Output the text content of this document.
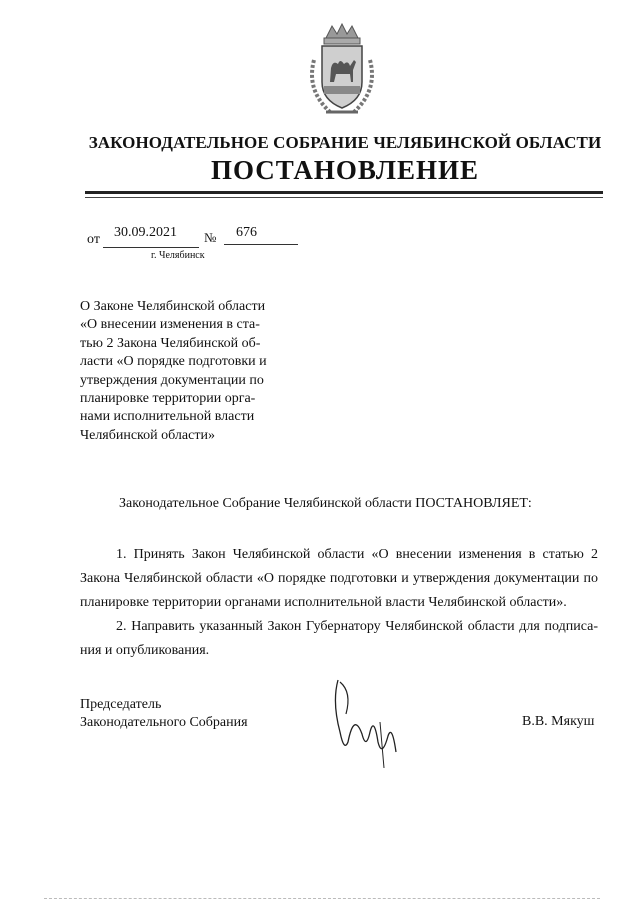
ЗАКОНОДАТЕЛЬНОЕ СОБРАНИЕ ЧЕЛЯБИНСКОЙ ОБЛАСТИ
ПОСТАНОВЛЕНИЕ
от 30.09.2021 № 676
г. Челябинск
О Законе Челябинской области
«О внесении изменения в ста-
тью 2 Закона Челябинской об-
ласти «О порядке подготовки и
утверждения документации по
планировке территории орга-
нами исполнительной власти
Челябинской области»
Законодательное Собрание Челябинской области ПОСТАНОВЛЯЕТ:
1. Принять Закон Челябинской области «О внесении изменения в статью 2 Закона Челябинской области «О порядке подготовки и утверждения документации по планировке территории органами исполнительной власти Челябинской области».
2. Направить указанный Закон Губернатору Челябинской области для подписа-ния и опубликования.
Председатель
Законодательного Собрания	В.В. Мякуш
